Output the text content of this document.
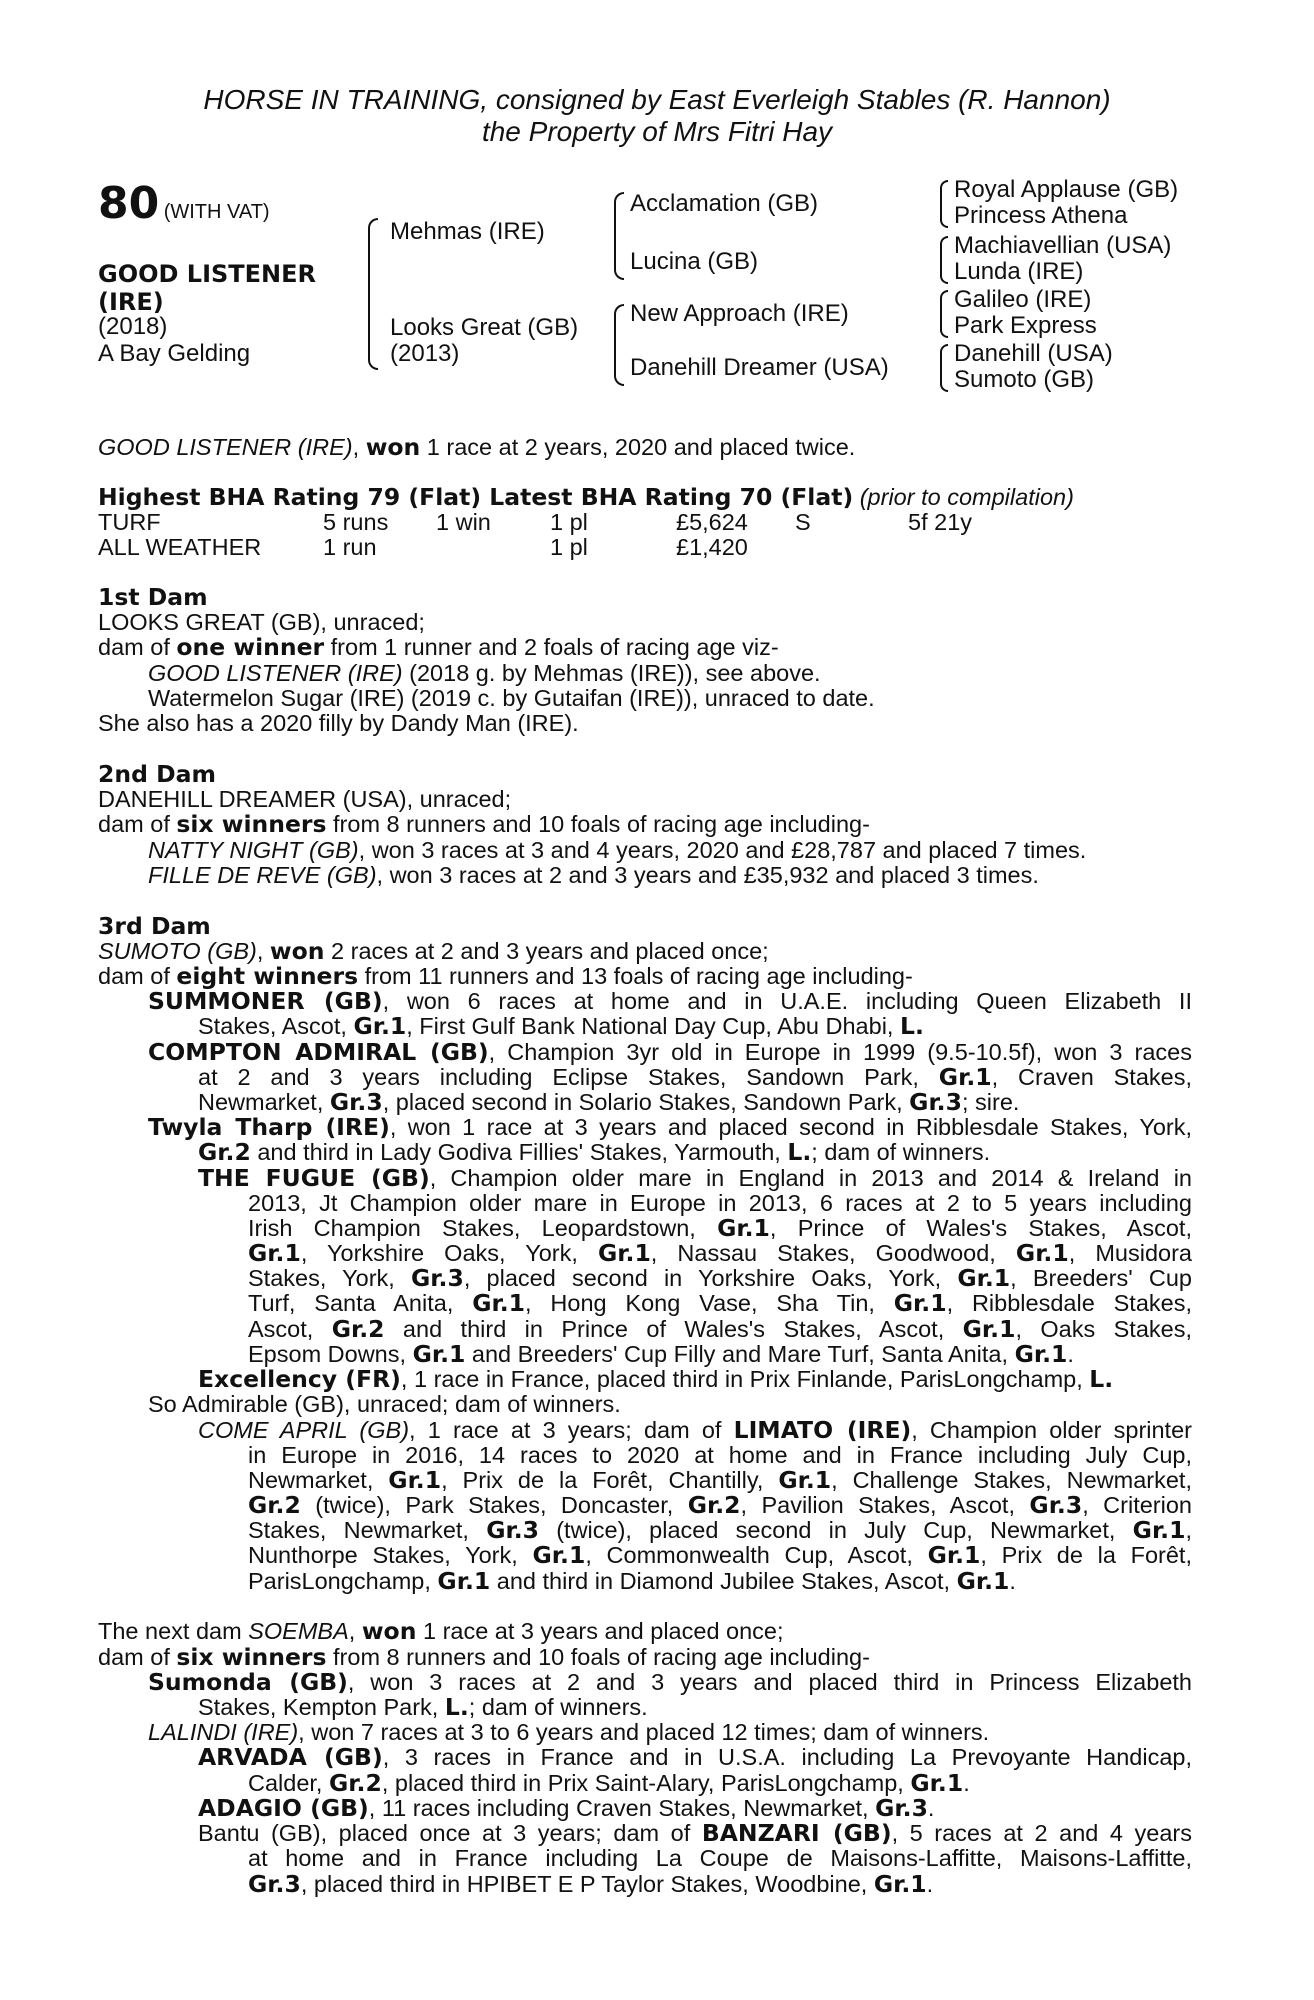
HORSE IN TRAINING, consigned by East Everleigh Stables (R. Hannon)
the Property of Mrs Fitri Hay
80 (WITH VAT)
GOOD LISTENER
(IRE)
(2018)
A Bay Gelding
Mehmas (IRE)
Looks Great (GB)
(2013)
Acclamation (GB)
Lucina (GB)
New Approach (IRE)
Danehill Dreamer (USA)
Royal Applause (GB)
Princess Athena
Machiavellian (USA)
Lunda (IRE)
Galileo (IRE)
Park Express
Danehill (USA)
Sumoto (GB)
GOOD LISTENER (IRE), won 1 race at 2 years, 2020 and placed twice.
Highest BHA Rating 79 (Flat) Latest BHA Rating 70 (Flat) (prior to compilation)
TURF	5 runs 1 win	1 pl	£5,624 S	5f 21y
ALL WEATHER	1 run	1 pl	£1,420
1st Dam
LOOKS GREAT (GB), unraced;
dam of one winner from 1 runner and 2 foals of racing age viz-
GOOD LISTENER (IRE) (2018 g. by Mehmas (IRE)), see above.
Watermelon Sugar (IRE) (2019 c. by Gutaifan (IRE)), unraced to date.
She also has a 2020 filly by Dandy Man (IRE).
2nd Dam
DANEHILL DREAMER (USA), unraced;
dam of six winners from 8 runners and 10 foals of racing age including-
NATTY NIGHT (GB), won 3 races at 3 and 4 years, 2020 and £28,787 and placed 7 times.
FILLE DE REVE (GB), won 3 races at 2 and 3 years and £35,932 and placed 3 times.
3rd Dam
SUMOTO (GB), won 2 races at 2 and 3 years and placed once;
dam of eight winners from 11 runners and 13 foals of racing age including-
SUMMONER (GB), won 6 races at home and in U.A.E. including Queen Elizabeth II
Stakes, Ascot, Gr.1, First Gulf Bank National Day Cup, Abu Dhabi, L.
COMPTON ADMIRAL (GB), Champion 3yr old in Europe in 1999 (9.5-10.5f), won 3 races
at 2 and 3 years including Eclipse Stakes, Sandown Park, Gr.1, Craven Stakes,
Newmarket, Gr.3, placed second in Solario Stakes, Sandown Park, Gr.3; sire.
Twyla Tharp (IRE), won 1 race at 3 years and placed second in Ribblesdale Stakes, York,
Gr.2 and third in Lady Godiva Fillies' Stakes, Yarmouth, L.; dam of winners.
THE FUGUE (GB), Champion older mare in England in 2013 and 2014 & Ireland in
2013, Jt Champion older mare in Europe in 2013, 6 races at 2 to 5 years including
Irish Champion Stakes, Leopardstown, Gr.1, Prince of Wales's Stakes, Ascot,
Gr.1, Yorkshire Oaks, York, Gr.1, Nassau Stakes, Goodwood, Gr.1, Musidora
Stakes, York, Gr.3, placed second in Yorkshire Oaks, York, Gr.1, Breeders' Cup
Turf, Santa Anita, Gr.1, Hong Kong Vase, Sha Tin, Gr.1, Ribblesdale Stakes,
Ascot, Gr.2 and third in Prince of Wales's Stakes, Ascot, Gr.1, Oaks Stakes,
Epsom Downs, Gr.1 and Breeders' Cup Filly and Mare Turf, Santa Anita, Gr.1.
Excellency (FR), 1 race in France, placed third in Prix Finlande, ParisLongchamp, L.
So Admirable (GB), unraced; dam of winners.
COME APRIL (GB), 1 race at 3 years; dam of LIMATO (IRE), Champion older sprinter
in Europe in 2016, 14 races to 2020 at home and in France including July Cup,
Newmarket, Gr.1, Prix de la Forêt, Chantilly, Gr.1, Challenge Stakes, Newmarket,
Gr.2 (twice), Park Stakes, Doncaster, Gr.2, Pavilion Stakes, Ascot, Gr.3, Criterion
Stakes, Newmarket, Gr.3 (twice), placed second in July Cup, Newmarket, Gr.1,
Nunthorpe Stakes, York, Gr.1, Commonwealth Cup, Ascot, Gr.1, Prix de la Forêt,
ParisLongchamp, Gr.1 and third in Diamond Jubilee Stakes, Ascot, Gr.1.
The next dam SOEMBA, won 1 race at 3 years and placed once;
dam of six winners from 8 runners and 10 foals of racing age including-
Sumonda (GB), won 3 races at 2 and 3 years and placed third in Princess Elizabeth
Stakes, Kempton Park, L.; dam of winners.
LALINDI (IRE), won 7 races at 3 to 6 years and placed 12 times; dam of winners.
ARVADA (GB), 3 races in France and in U.S.A. including La Prevoyante Handicap,
Calder, Gr.2, placed third in Prix Saint-Alary, ParisLongchamp, Gr.1.
ADAGIO (GB), 11 races including Craven Stakes, Newmarket, Gr.3.
Bantu (GB), placed once at 3 years; dam of BANZARI (GB), 5 races at 2 and 4 years
at home and in France including La Coupe de Maisons-Laffitte, Maisons-Laffitte,
Gr.3, placed third in HPIBET E P Taylor Stakes, Woodbine, Gr.1.
